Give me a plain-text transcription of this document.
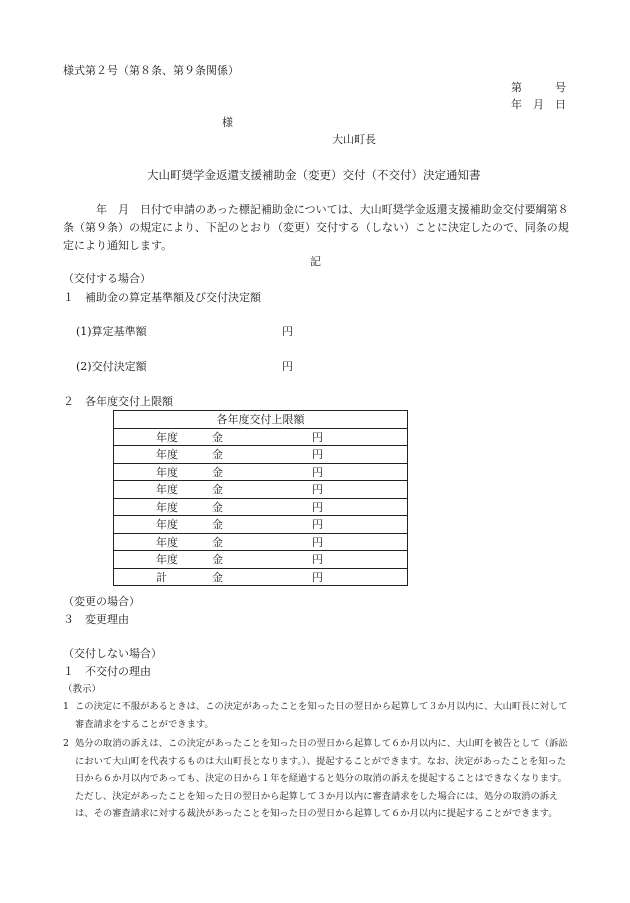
様式第２号（第８条、第９条関係）
第　　　号
年　月　日
様
大山町長
大山町奨学金返還支援補助金（変更）交付（不交付）決定通知書
年　月　日付で申請のあった標記補助金については、大山町奨学金返還支援補助金交付要綱第８条（第９条）の規定により、下記のとおり（変更）交付する（しない）ことに決定したので、同条の規定により通知します。
記
（交付する場合）
１　補助金の算定基準額及び交付決定額
(1)算定基準額	円
(2)交付決定額	円
２　各年度交付上限額
各年度交付上限額
年度	金	円
年度	金	円
年度	金	円
年度	金	円
年度	金	円
年度	金	円
年度	金	円
年度	金	円
計	金	円
（変更の場合）
３　変更理由
（交付しない場合）
１　不交付の理由
（教示）
1 この決定に不服があるときは、この決定があったことを知った日の翌日から起算して３か月以内に、大山町長に対して審査請求をすることができます。
2 処分の取消の訴えは、この決定があったことを知った日の翌日から起算して６か月以内に、大山町を被告として（訴訟において大山町を代表するものは大山町長となります。）、提起することができます。なお、決定があったことを知った日から６か月以内であっても、決定の日から１年を経過すると処分の取消の訴えを提起することはできなくなります。ただし、決定があったことを知った日の翌日から起算して３か月以内に審査請求をした場合には、処分の取消の訴えは、その審査請求に対する裁決があったことを知った日の翌日から起算して６か月以内に提起することができます。
